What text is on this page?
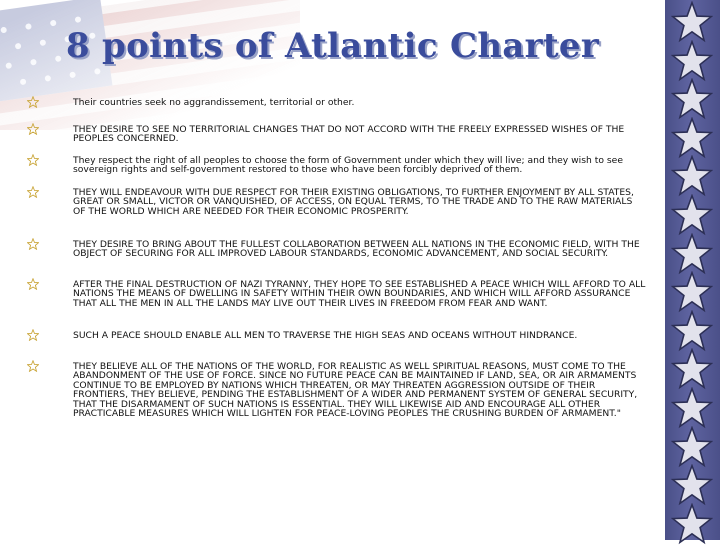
8 points of Atlantic Charter
Their countries seek no aggrandissement, territorial or other.
THEY DESIRE TO SEE NO TERRITORIAL CHANGES THAT DO NOT ACCORD WITH THE FREELY EXPRESSED WISHES OF THE PEOPLES CONCERNED.
They respect the right of all peoples to choose the form of Government under which they will live; and they wish to see sovereign rights and self-government restored to those who have been forcibly deprived of them.
THEY WILL ENDEAVOUR WITH DUE RESPECT FOR THEIR EXISTING OBLIGATIONS, TO FURTHER ENJOYMENT BY ALL STATES, GREAT OR SMALL, VICTOR OR VANQUISHED, OF ACCESS, ON EQUAL TERMS, TO THE TRADE AND TO THE RAW MATERIALS OF THE WORLD WHICH ARE NEEDED FOR THEIR ECONOMIC PROSPERITY.
THEY DESIRE TO BRING ABOUT THE FULLEST COLLABORATION BETWEEN ALL NATIONS IN THE ECONOMIC FIELD, WITH THE OBJECT OF SECURING FOR ALL IMPROVED LABOUR STANDARDS, ECONOMIC ADVANCEMENT, AND SOCIAL SECURITY.
AFTER THE FINAL DESTRUCTION OF NAZI TYRANNY, THEY HOPE TO SEE ESTABLISHED A PEACE WHICH WILL AFFORD TO ALL NATIONS THE MEANS OF DWELLING IN SAFETY WITHIN THEIR OWN BOUNDARIES, AND WHICH WILL AFFORD ASSURANCE THAT ALL THE MEN IN ALL THE LANDS MAY LIVE OUT THEIR LIVES IN FREEDOM FROM FEAR AND WANT.
SUCH A PEACE SHOULD ENABLE ALL MEN TO TRAVERSE THE HIGH SEAS AND OCEANS WITHOUT HINDRANCE.
THEY BELIEVE ALL OF THE NATIONS OF THE WORLD, FOR REALISTIC AS WELL SPIRITUAL REASONS, MUST COME TO THE ABANDONMENT OF THE USE OF FORCE. SINCE NO FUTURE PEACE CAN BE MAINTAINED IF LAND, SEA, OR AIR ARMAMENTS CONTINUE TO BE EMPLOYED BY NATIONS WHICH THREATEN, OR MAY THREATEN AGGRESSION OUTSIDE OF THEIR FRONTIERS, THEY BELIEVE, PENDING THE ESTABLISHMENT OF A WIDER AND PERMANENT SYSTEM OF GENERAL SECURITY, THAT THE DISARMAMENT OF SUCH NATIONS IS ESSENTIAL. THEY WILL LIKEWISE AID AND ENCOURAGE ALL OTHER PRACTICABLE MEASURES WHICH WILL LIGHTEN FOR PEACE-LOVING PEOPLES THE CRUSHING BURDEN OF ARMAMENT."
